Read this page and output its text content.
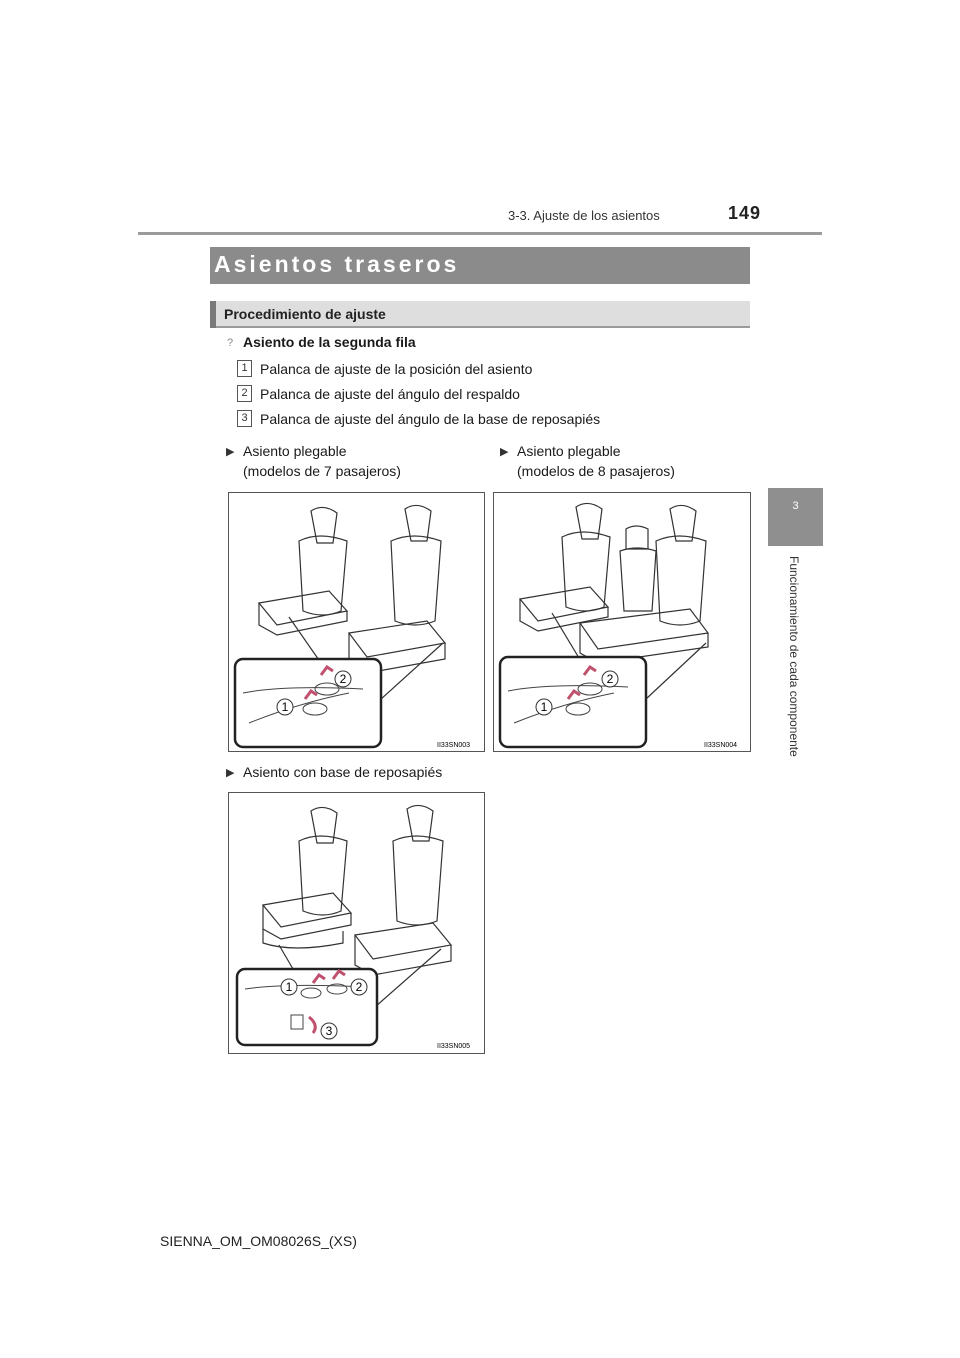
3-3. Ajuste de los asientos	149
3
Funcionamiento de cada componente
Asientos traseros
Procedimiento de ajuste
? Asiento de la segunda fila
1 Palanca de ajuste de la posición del asiento
2 Palanca de ajuste del ángulo del respaldo
3 Palanca de ajuste del ángulo de la base de reposapiés
▶ Asiento plegable
(modelos de 7 pasajeros)
▶ Asiento plegable
(modelos de 8 pasajeros)
▶ Asiento con base de reposapiés
2
1
II33SN003
2
1
II33SN004
1	2
3
II33SN005
SIENNA_OM_OM08026S_(XS)
